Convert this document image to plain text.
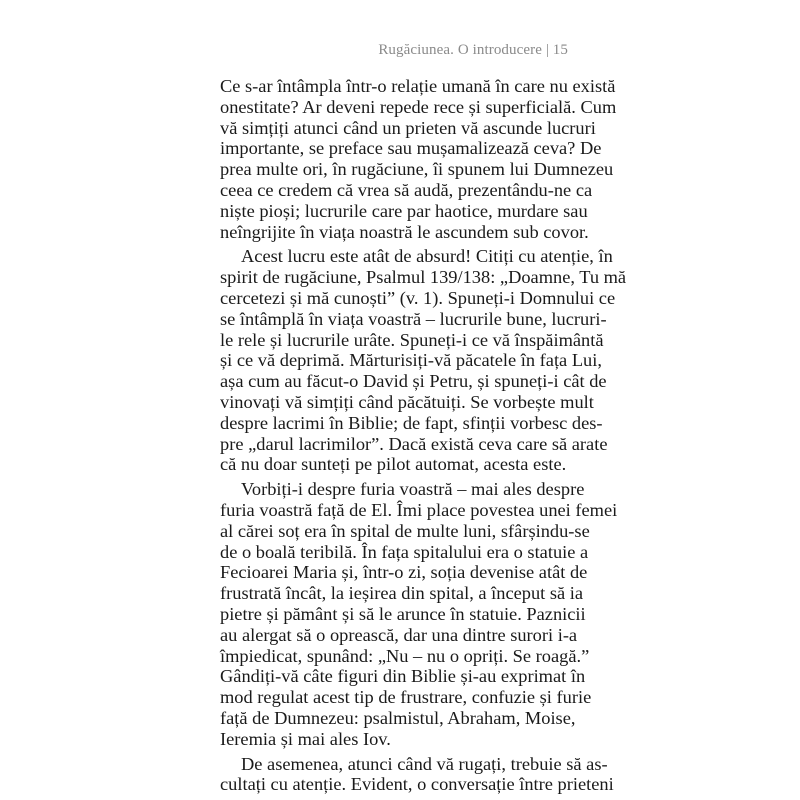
Rugăciunea. O introducere | 15
Ce s-ar întâmpla într-o relație umană în care nu există
onestitate? Ar deveni repede rece și superficială. Cum
vă simțiți atunci când un prieten vă ascunde lucruri
importante, se preface sau mușamalizează ceva? De
prea multe ori, în rugăciune, îi spunem lui Dumnezeu
ceea ce credem că vrea să audă, prezentându-ne ca
niște pioși; lucrurile care par haotice, murdare sau
neîngrijite în viața noastră le ascundem sub covor.
Acest lucru este atât de absurd! Citiți cu atenție, în
spirit de rugăciune, Psalmul 139/138: „Doamne, Tu mă
cercetezi și mă cunoști” (v. 1). Spuneți-i Domnului ce
se întâmplă în viața voastră – lucrurile bune, lucruri-
le rele și lucrurile urâte. Spuneți-i ce vă înspăimântă
și ce vă deprimă. Mărturisiți-vă păcatele în fața Lui,
așa cum au făcut-o David și Petru, și spuneți-i cât de
vinovați vă simțiți când păcătuiți. Se vorbește mult
despre lacrimi în Biblie; de fapt, sfinții vorbesc des-
pre „darul lacrimilor”. Dacă există ceva care să arate
că nu doar sunteți pe pilot automat, acesta este.
Vorbiți-i despre furia voastră – mai ales despre
furia voastră față de El. Îmi place povestea unei femei
al cărei soț era în spital de multe luni, sfârșindu-se
de o boală teribilă. În fața spitalului era o statuie a
Fecioarei Maria și, într-o zi, soția devenise atât de
frustrată încât, la ieșirea din spital, a început să ia
pietre și pământ și să le arunce în statuie. Paznicii
au alergat să o oprească, dar una dintre surori i-a
împiedicat, spunând: „Nu – nu o opriți. Se roagă.”
Gândiți-vă câte figuri din Biblie și-au exprimat în
mod regulat acest tip de frustrare, confuzie și furie
față de Dumnezeu: psalmistul, Abraham, Moise,
Ieremia și mai ales Iov.
De asemenea, atunci când vă rugați, trebuie să as-
cultați cu atenție. Evident, o conversație între prieteni
